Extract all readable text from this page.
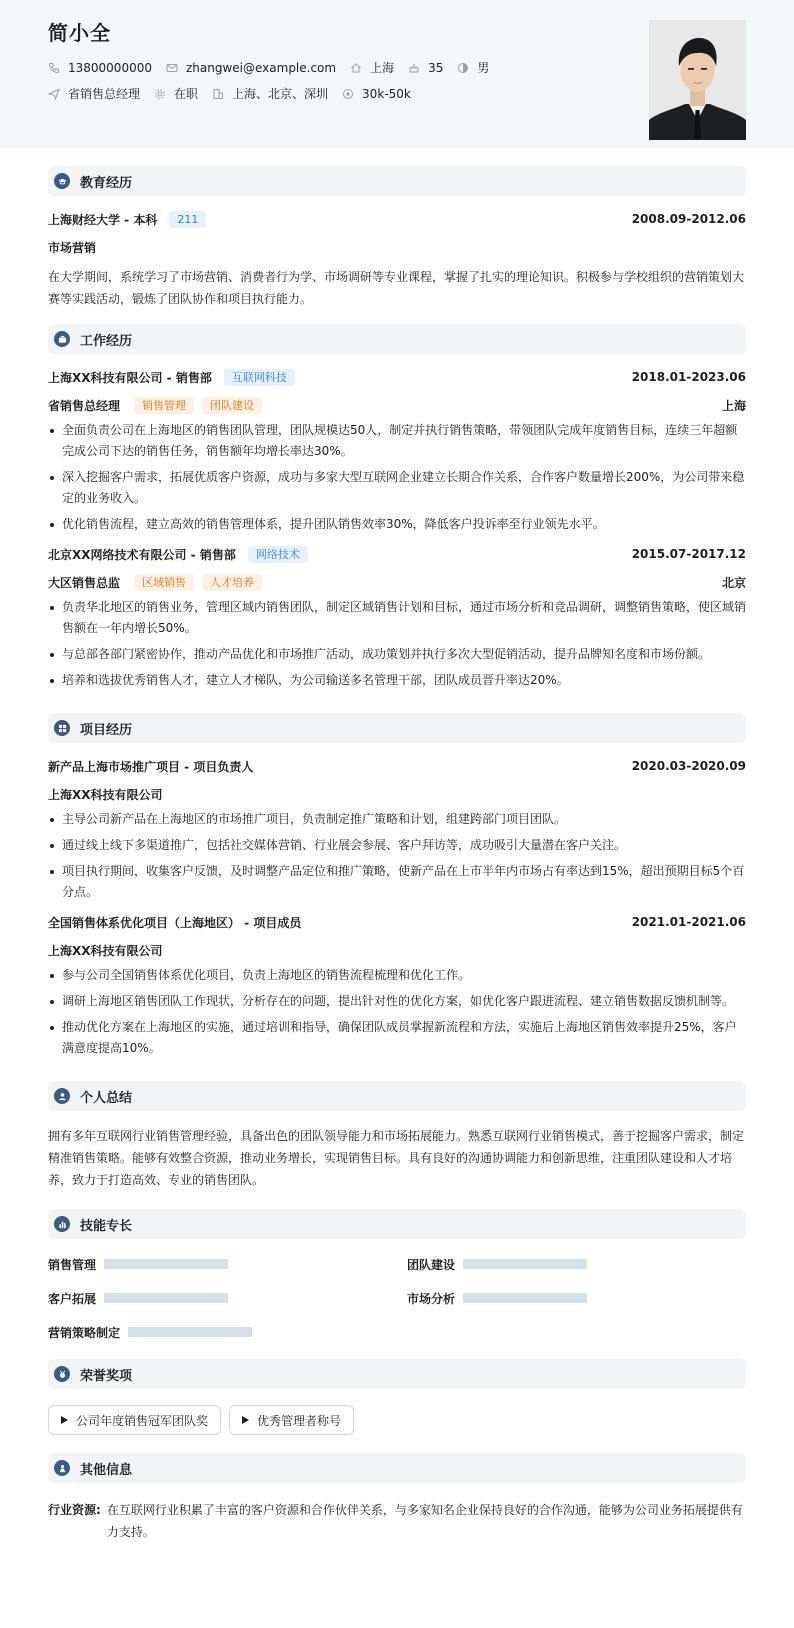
简小全
13800000000	zhangwei@example.com	上海	35	男
省销售总经理	在职	上海、北京、深圳	30k-50k
教育经历
上海财经大学 - 本科	211	2008.09-2012.06
市场营销
在大学期间，系统学习了市场营销、消费者行为学、市场调研等专业课程，掌握了扎实的理论知识。积极参与学校组织的营销策划大赛等实践活动，锻炼了团队协作和项目执行能力。
工作经历
上海XX科技有限公司 - 销售部	互联网科技	2018.01-2023.06
省销售总经理	销售管理	团队建设	上海
全面负责公司在上海地区的销售团队管理，团队规模达50人，制定并执行销售策略，带领团队完成年度销售目标，连续三年超额完成公司下达的销售任务，销售额年均增长率达30%。
深入挖掘客户需求，拓展优质客户资源，成功与多家大型互联网企业建立长期合作关系，合作客户数量增长200%，为公司带来稳定的业务收入。
优化销售流程，建立高效的销售管理体系，提升团队销售效率30%，降低客户投诉率至行业领先水平。
北京XX网络技术有限公司 - 销售部	网络技术	2015.07-2017.12
大区销售总监	区域销售	人才培养	北京
负责华北地区的销售业务，管理区域内销售团队，制定区域销售计划和目标，通过市场分析和竞品调研，调整销售策略，使区域销售额在一年内增长50%。
与总部各部门紧密协作，推动产品优化和市场推广活动，成功策划并执行多次大型促销活动，提升品牌知名度和市场份额。
培养和选拔优秀销售人才，建立人才梯队，为公司输送多名管理干部，团队成员晋升率达20%。
项目经历
新产品上海市场推广项目 - 项目负责人	2020.03-2020.09
上海XX科技有限公司
主导公司新产品在上海地区的市场推广项目，负责制定推广策略和计划，组建跨部门项目团队。
通过线上线下多渠道推广，包括社交媒体营销、行业展会参展、客户拜访等，成功吸引大量潜在客户关注。
项目执行期间，收集客户反馈，及时调整产品定位和推广策略，使新产品在上市半年内市场占有率达到15%，超出预期目标5个百分点。
全国销售体系优化项目（上海地区） - 项目成员	2021.01-2021.06
上海XX科技有限公司
参与公司全国销售体系优化项目，负责上海地区的销售流程梳理和优化工作。
调研上海地区销售团队工作现状，分析存在的问题，提出针对性的优化方案，如优化客户跟进流程、建立销售数据反馈机制等。
推动优化方案在上海地区的实施，通过培训和指导，确保团队成员掌握新流程和方法，实施后上海地区销售效率提升25%，客户满意度提高10%。
个人总结
拥有多年互联网行业销售管理经验，具备出色的团队领导能力和市场拓展能力。熟悉互联网行业销售模式，善于挖掘客户需求，制定精准销售策略。能够有效整合资源，推动业务增长，实现销售目标。具有良好的沟通协调能力和创新思维，注重团队建设和人才培养，致力于打造高效、专业的销售团队。
技能专长
销售管理	团队建设
客户拓展	市场分析
营销策略制定
荣誉奖项
公司年度销售冠军团队奖	优秀管理者称号
其他信息
行业资源: 在互联网行业积累了丰富的客户资源和合作伙伴关系，与多家知名企业保持良好的合作沟通，能够为公司业务拓展提供有力支持。
